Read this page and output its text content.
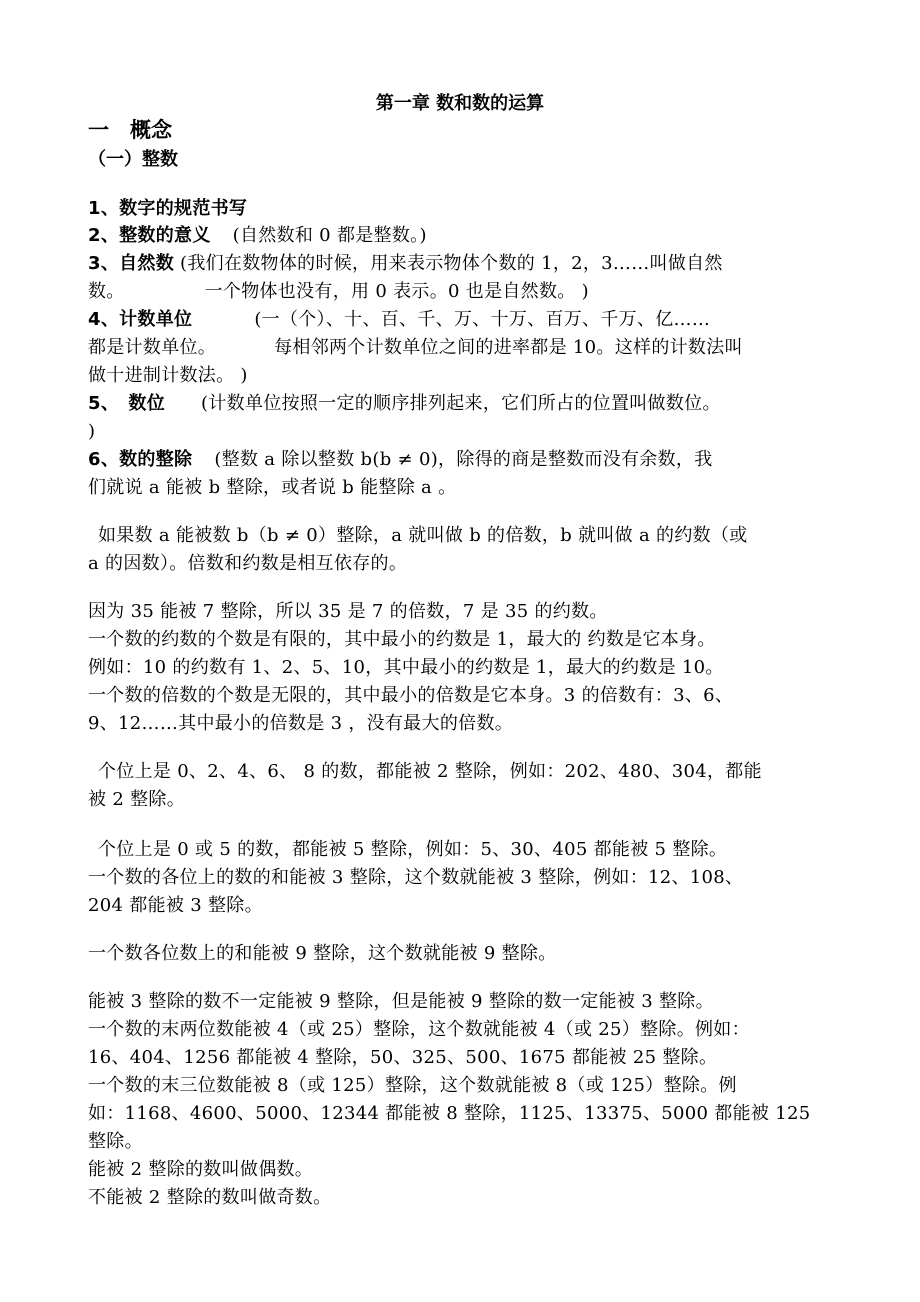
第一章 数和数的运算
一　概念
（一）整数
1、数字的规范书写
2、整数的意义 (自然数和 0 都是整数。)
3、自然数 (我们在数物体的时候，用来表示物体个数的 1，2，3……叫做自然
数。	一个物体也没有，用 0 表示。0 也是自然数。 )
4、计数单位	(一（个）、十、百、千、万、十万、百万、千万、亿……
都是计数单位。	每相邻两个计数单位之间的进率都是 10。这样的计数法叫
做十进制计数法。 )
5、　数位 (计数单位按照一定的顺序排列起来，它们所占的位置叫做数位。
)
6、数的整除 (整数 a 除以整数 b(b ≠ 0)，除得的商是整数而没有余数，我
们就说 a 能被 b 整除，或者说 b 能整除 a 。
如果数 a 能被数 b（b ≠ 0）整除，a 就叫做 b 的倍数，b 就叫做 a 的约数（或
a 的因数）。倍数和约数是相互依存的。
因为 35 能被 7 整除，所以 35 是 7 的倍数，7 是 35 的约数。
一个数的约数的个数是有限的，其中最小的约数是 1，最大的 约数是它本身。
例如：10 的约数有 1、2、5、10，其中最小的约数是 1，最大的约数是 10。
一个数的倍数的个数是无限的，其中最小的倍数是它本身。3 的倍数有：3、6、
9、12……其中最小的倍数是 3 ，没有最大的倍数。
个位上是 0、2、4、6、 8 的数，都能被 2 整除，例如：202、480、304，都能
被 2 整除。
个位上是 0 或 5 的数，都能被 5 整除，例如：5、30、405 都能被 5 整除。
一个数的各位上的数的和能被 3 整除，这个数就能被 3 整除，例如：12、108、
204 都能被 3 整除。
一个数各位数上的和能被 9 整除，这个数就能被 9 整除。
能被 3 整除的数不一定能被 9 整除，但是能被 9 整除的数一定能被 3 整除。
一个数的末两位数能被 4（或 25）整除，这个数就能被 4（或 25）整除。例如：
16、404、1256 都能被 4 整除，50、325、500、1675 都能被 25 整除。
一个数的末三位数能被 8（或 125）整除，这个数就能被 8（或 125）整除。例
如：1168、4600、5000、12344 都能被 8 整除，1125、13375、5000 都能被 125
整除。
能被 2 整除的数叫做偶数。
不能被 2 整除的数叫做奇数。
